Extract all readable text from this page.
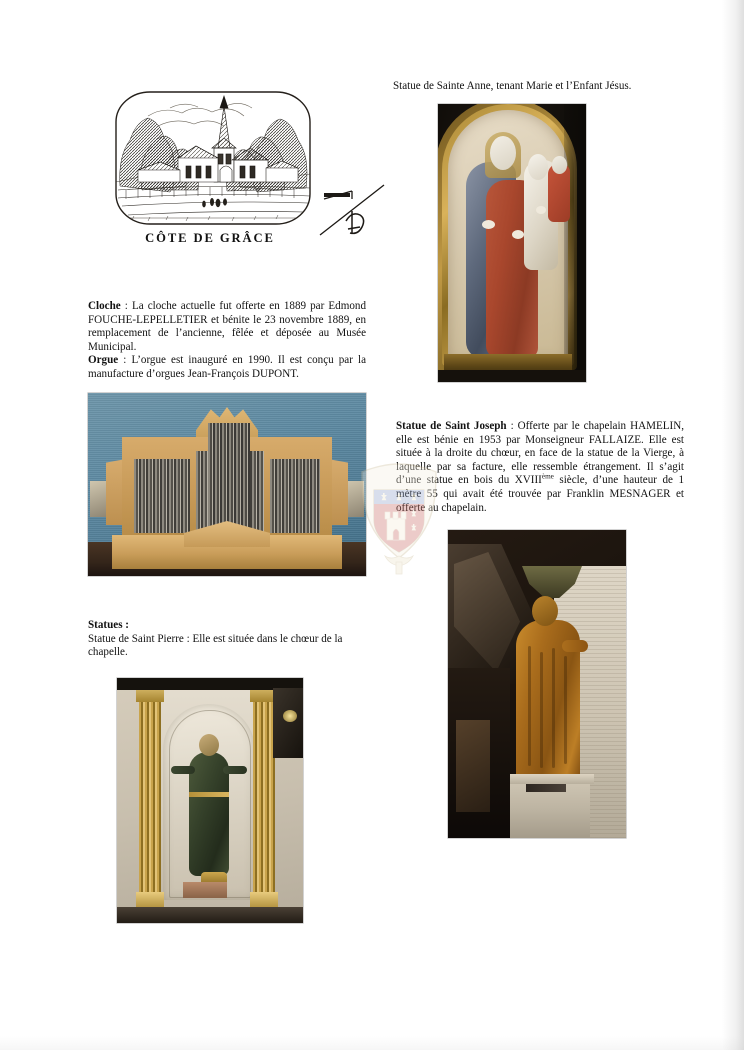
CÔTE DE GRÂCE
Statue de Sainte Anne, tenant Marie et l’Enfant Jésus.
Cloche : La cloche actuelle fut offerte en 1889 par Edmond FOUCHE-LEPELLETIER et bénite le 23 novembre 1889, en remplacement de l’ancienne, fêlée et déposée au Musée Municipal.
Orgue : L’orgue est inauguré en 1990. Il est conçu par la manufacture d’orgues Jean-François DUPONT.
Statue de Saint Joseph : Offerte par le chapelain HAMELIN, elle est bénie en 1953 par Monseigneur FALLAIZE. Elle est située à la droite du chœur, en face de la statue de la Vierge, à laquelle par sa facture, elle ressemble étrangement. Il s’agit d’une statue en bois du XVIIIème siècle, d’une hauteur de 1 mètre 55 qui avait été trouvée par Franklin MESNAGER et offerte au chapelain.
Statues :
Statue de Saint Pierre : Elle est située dans le chœur de la chapelle.
